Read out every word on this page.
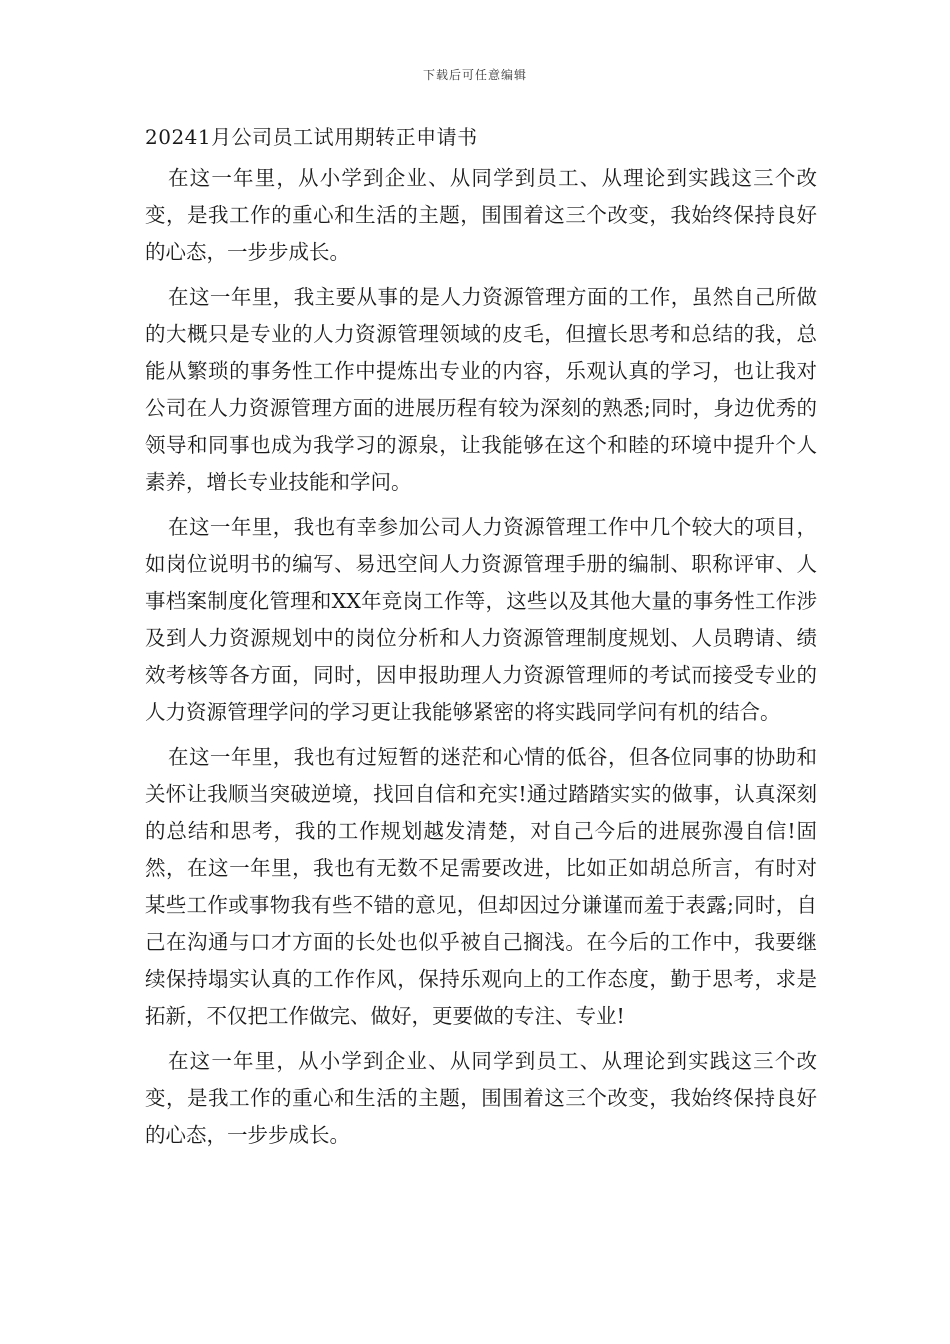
下载后可任意编辑
20241月公司员工试用期转正申请书

在这一年里，从小学到企业、从同学到员工、从理论到实践这三个改变，是我工作的重心和生活的主题，围围着这三个改变，我始终保持良好的心态，一步步成长。

在这一年里，我主要从事的是人力资源管理方面的工作，虽然自己所做的大概只是专业的人力资源管理领域的皮毛，但擅长思考和总结的我，总能从繁琐的事务性工作中提炼出专业的内容，乐观认真的学习，也让我对公司在人力资源管理方面的进展历程有较为深刻的熟悉;同时，身边优秀的领导和同事也成为我学习的源泉，让我能够在这个和睦的环境中提升个人素养，增长专业技能和学问。

在这一年里，我也有幸参加公司人力资源管理工作中几个较大的项目，如岗位说明书的编写、易迅空间人力资源管理手册的编制、职称评审、人事档案制度化管理和XX年竞岗工作等，这些以及其他大量的事务性工作涉及到人力资源规划中的岗位分析和人力资源管理制度规划、人员聘请、绩效考核等各方面，同时，因申报助理人力资源管理师的考试而接受专业的人力资源管理学问的学习更让我能够紧密的将实践同学问有机的结合。

在这一年里，我也有过短暂的迷茫和心情的低谷，但各位同事的协助和关怀让我顺当突破逆境，找回自信和充实!通过踏踏实实的做事，认真深刻的总结和思考，我的工作规划越发清楚，对自己今后的进展弥漫自信!固然，在这一年里，我也有无数不足需要改进，比如正如胡总所言，有时对某些工作或事物我有些不错的意见，但却因过分谦谨而羞于表露;同时，自己在沟通与口才方面的长处也似乎被自己搁浅。在今后的工作中，我要继续保持塌实认真的工作作风，保持乐观向上的工作态度，勤于思考，求是拓新，不仅把工作做完、做好，更要做的专注、专业!

在这一年里，从小学到企业、从同学到员工、从理论到实践这三个改变，是我工作的重心和生活的主题，围围着这三个改变，我始终保持良好的心态，一步步成长。
